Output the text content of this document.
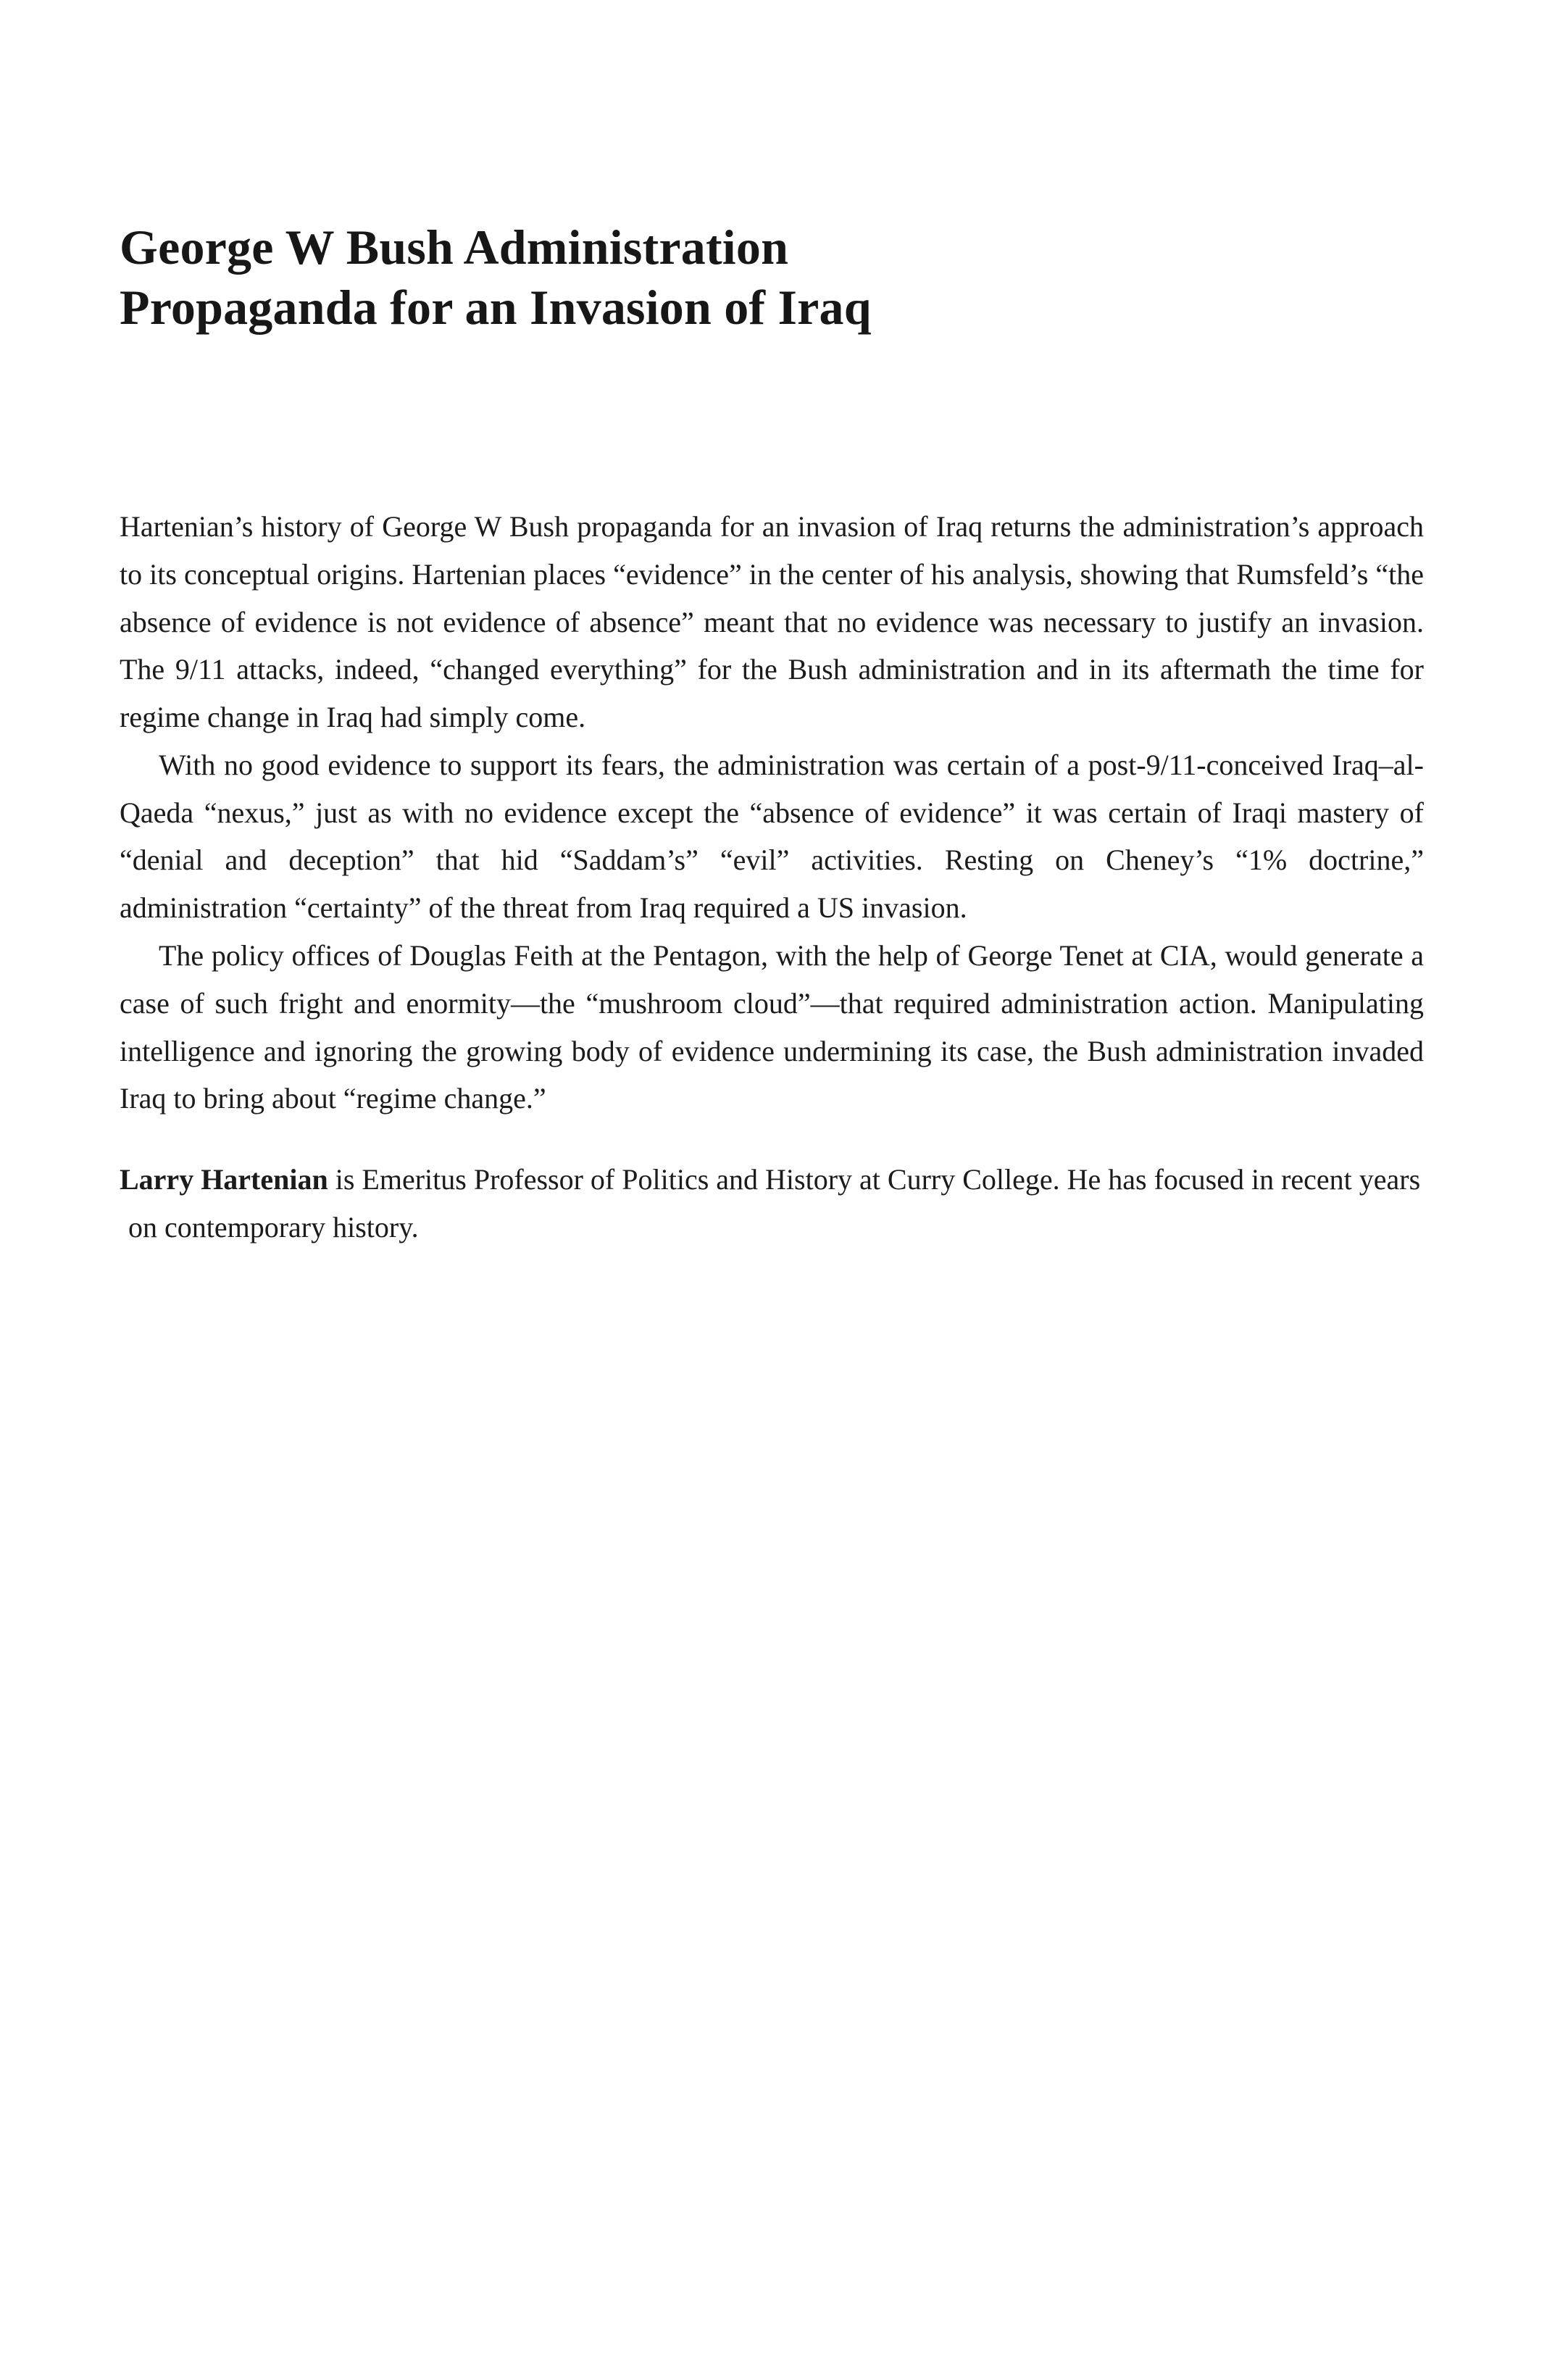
George W Bush Administration
Propaganda for an Invasion of Iraq

Hartenian’s history of George W Bush propaganda for an invasion of Iraq returns the administration’s approach to its conceptual origins. Hartenian places “evidence” in the center of his analysis, showing that Rumsfeld’s “the absence of evidence is not evidence of absence” meant that no evidence was necessary to justify an invasion. The 9/11 attacks, indeed, “changed everything” for the Bush administration and in its aftermath the time for regime change in Iraq had simply come.

With no good evidence to support its fears, the administration was certain of a post-9/11-conceived Iraq–al-Qaeda “nexus,” just as with no evidence except the “absence of evidence” it was certain of Iraqi mastery of “denial and deception” that hid “Saddam’s” “evil” activities. Resting on Cheney’s “1% doctrine,” administration “certainty” of the threat from Iraq required a US invasion.

The policy offices of Douglas Feith at the Pentagon, with the help of George Tenet at CIA, would generate a case of such fright and enormity—the “mushroom cloud”—that required administration action. Manipulating intelligence and ignoring the growing body of evidence undermining its case, the Bush administration invaded Iraq to bring about “regime change.”

Larry Hartenian is Emeritus Professor of Politics and History at Curry College. He has focused in recent years on contemporary history.
